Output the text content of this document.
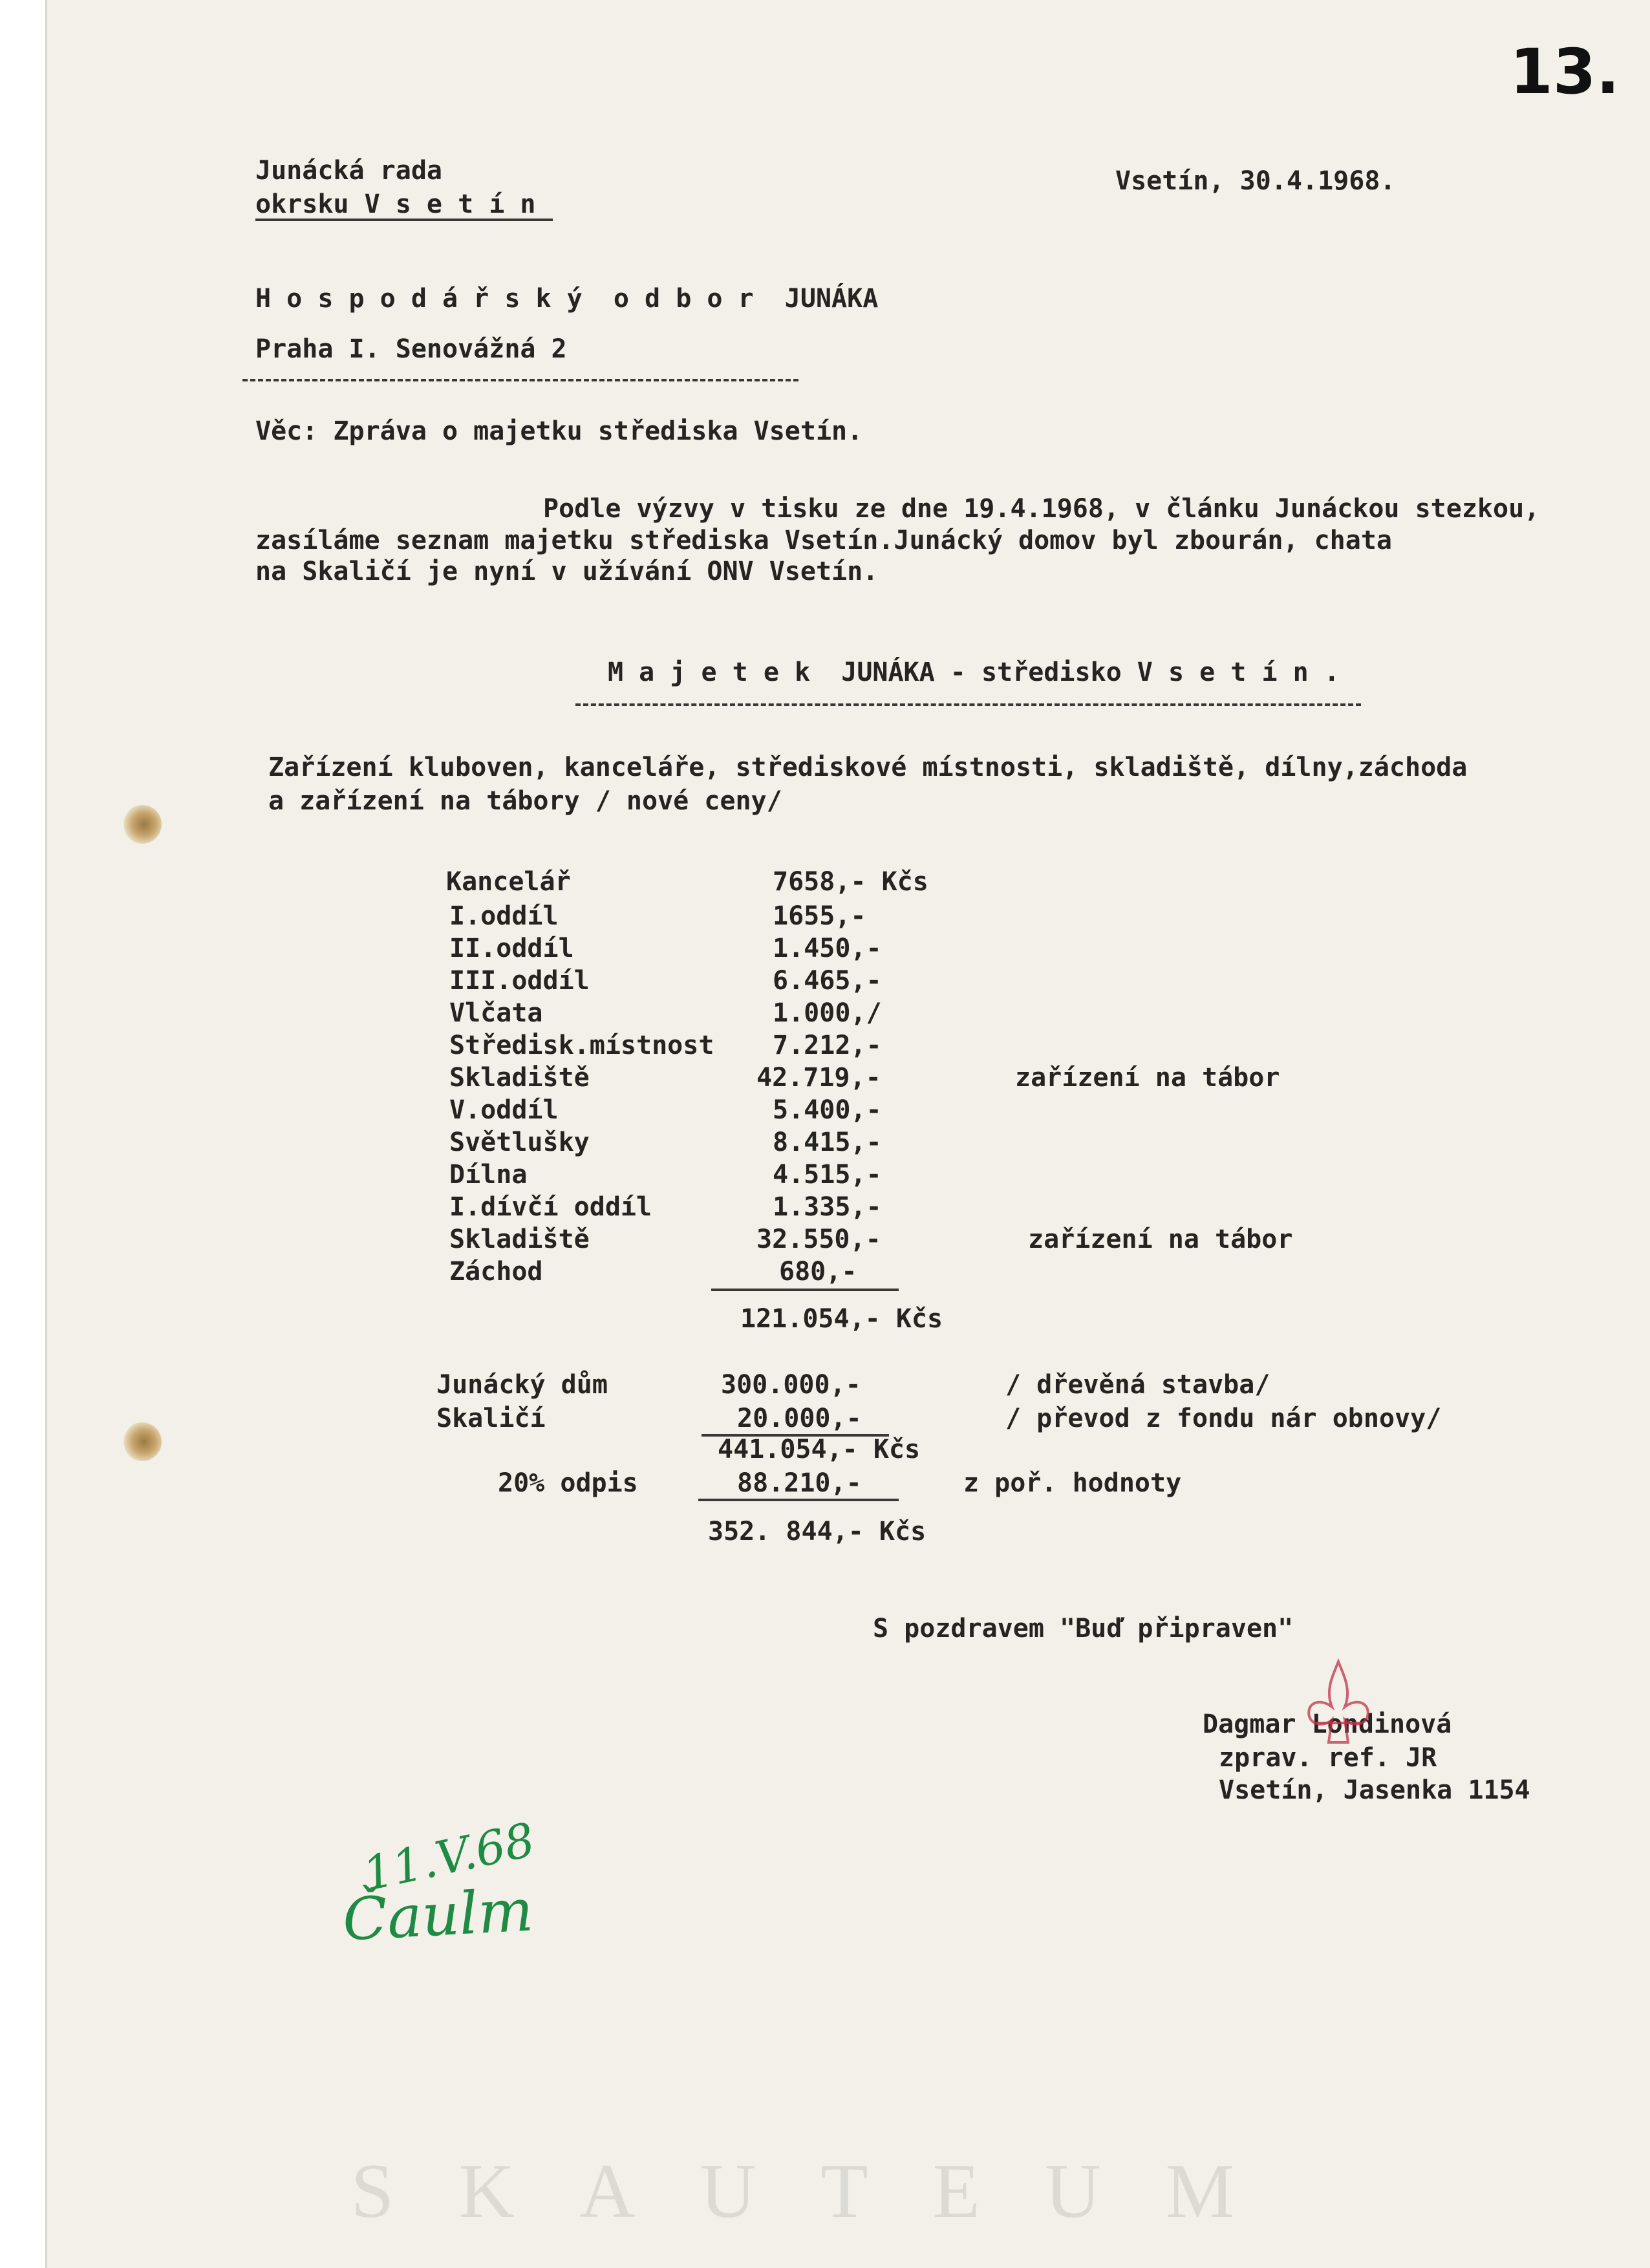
13.
Junácká rada
okrsku V s e t í n
Vsetín, 30.4.1968.
H o s p o d á ř s k ý  o d b o r  JUNÁKA
Praha I. Senovážná 2
Věc: Zpráva o majetku střediska Vsetín.
Podle výzvy v tisku ze dne 19.4.1968, v článku Junáckou stezkou,
zasíláme seznam majetku střediska Vsetín.Junácký domov byl zbourán, chata
na Skaličí je nyní v užívání ONV Vsetín.
M a j e t e k  JUNÁKA - středisko V s e t í n .
Zařízení kluboven, kanceláře, střediskové místnosti, skladiště, dílny,záchoda
a zařízení na tábory / nové ceny/
Kancelář	7658,- Kčs
I.oddíl	1655,-
II.oddíl	1.450,-
III.oddíl	6.465,-
Vlčata	1.000,/
Středisk.místnost 7.212,-
Skladiště	42.719,-	zařízení na tábor
V.oddíl	5.400,-
Světlušky	8.415,-
Dílna	4.515,-
I.dívčí oddíl	1.335,-
Skladiště	32.550,-	zařízení na tábor
Záchod	680,-
121.054,- Kčs
Junácký dům	300.000,-	/ dřevěná stavba/
Skaličí	20.000,-	/ převod z fondu nár obnovy/
441.054,- Kčs
20% odpis	88.210,-	z poř. hodnoty
352. 844,- Kčs
S pozdravem "Buď připraven"
Dagmar Londinová
zprav. ref. JR
Vsetín, Jasenka 1154
11.V.68
Čaulm
SKAUTEUM
